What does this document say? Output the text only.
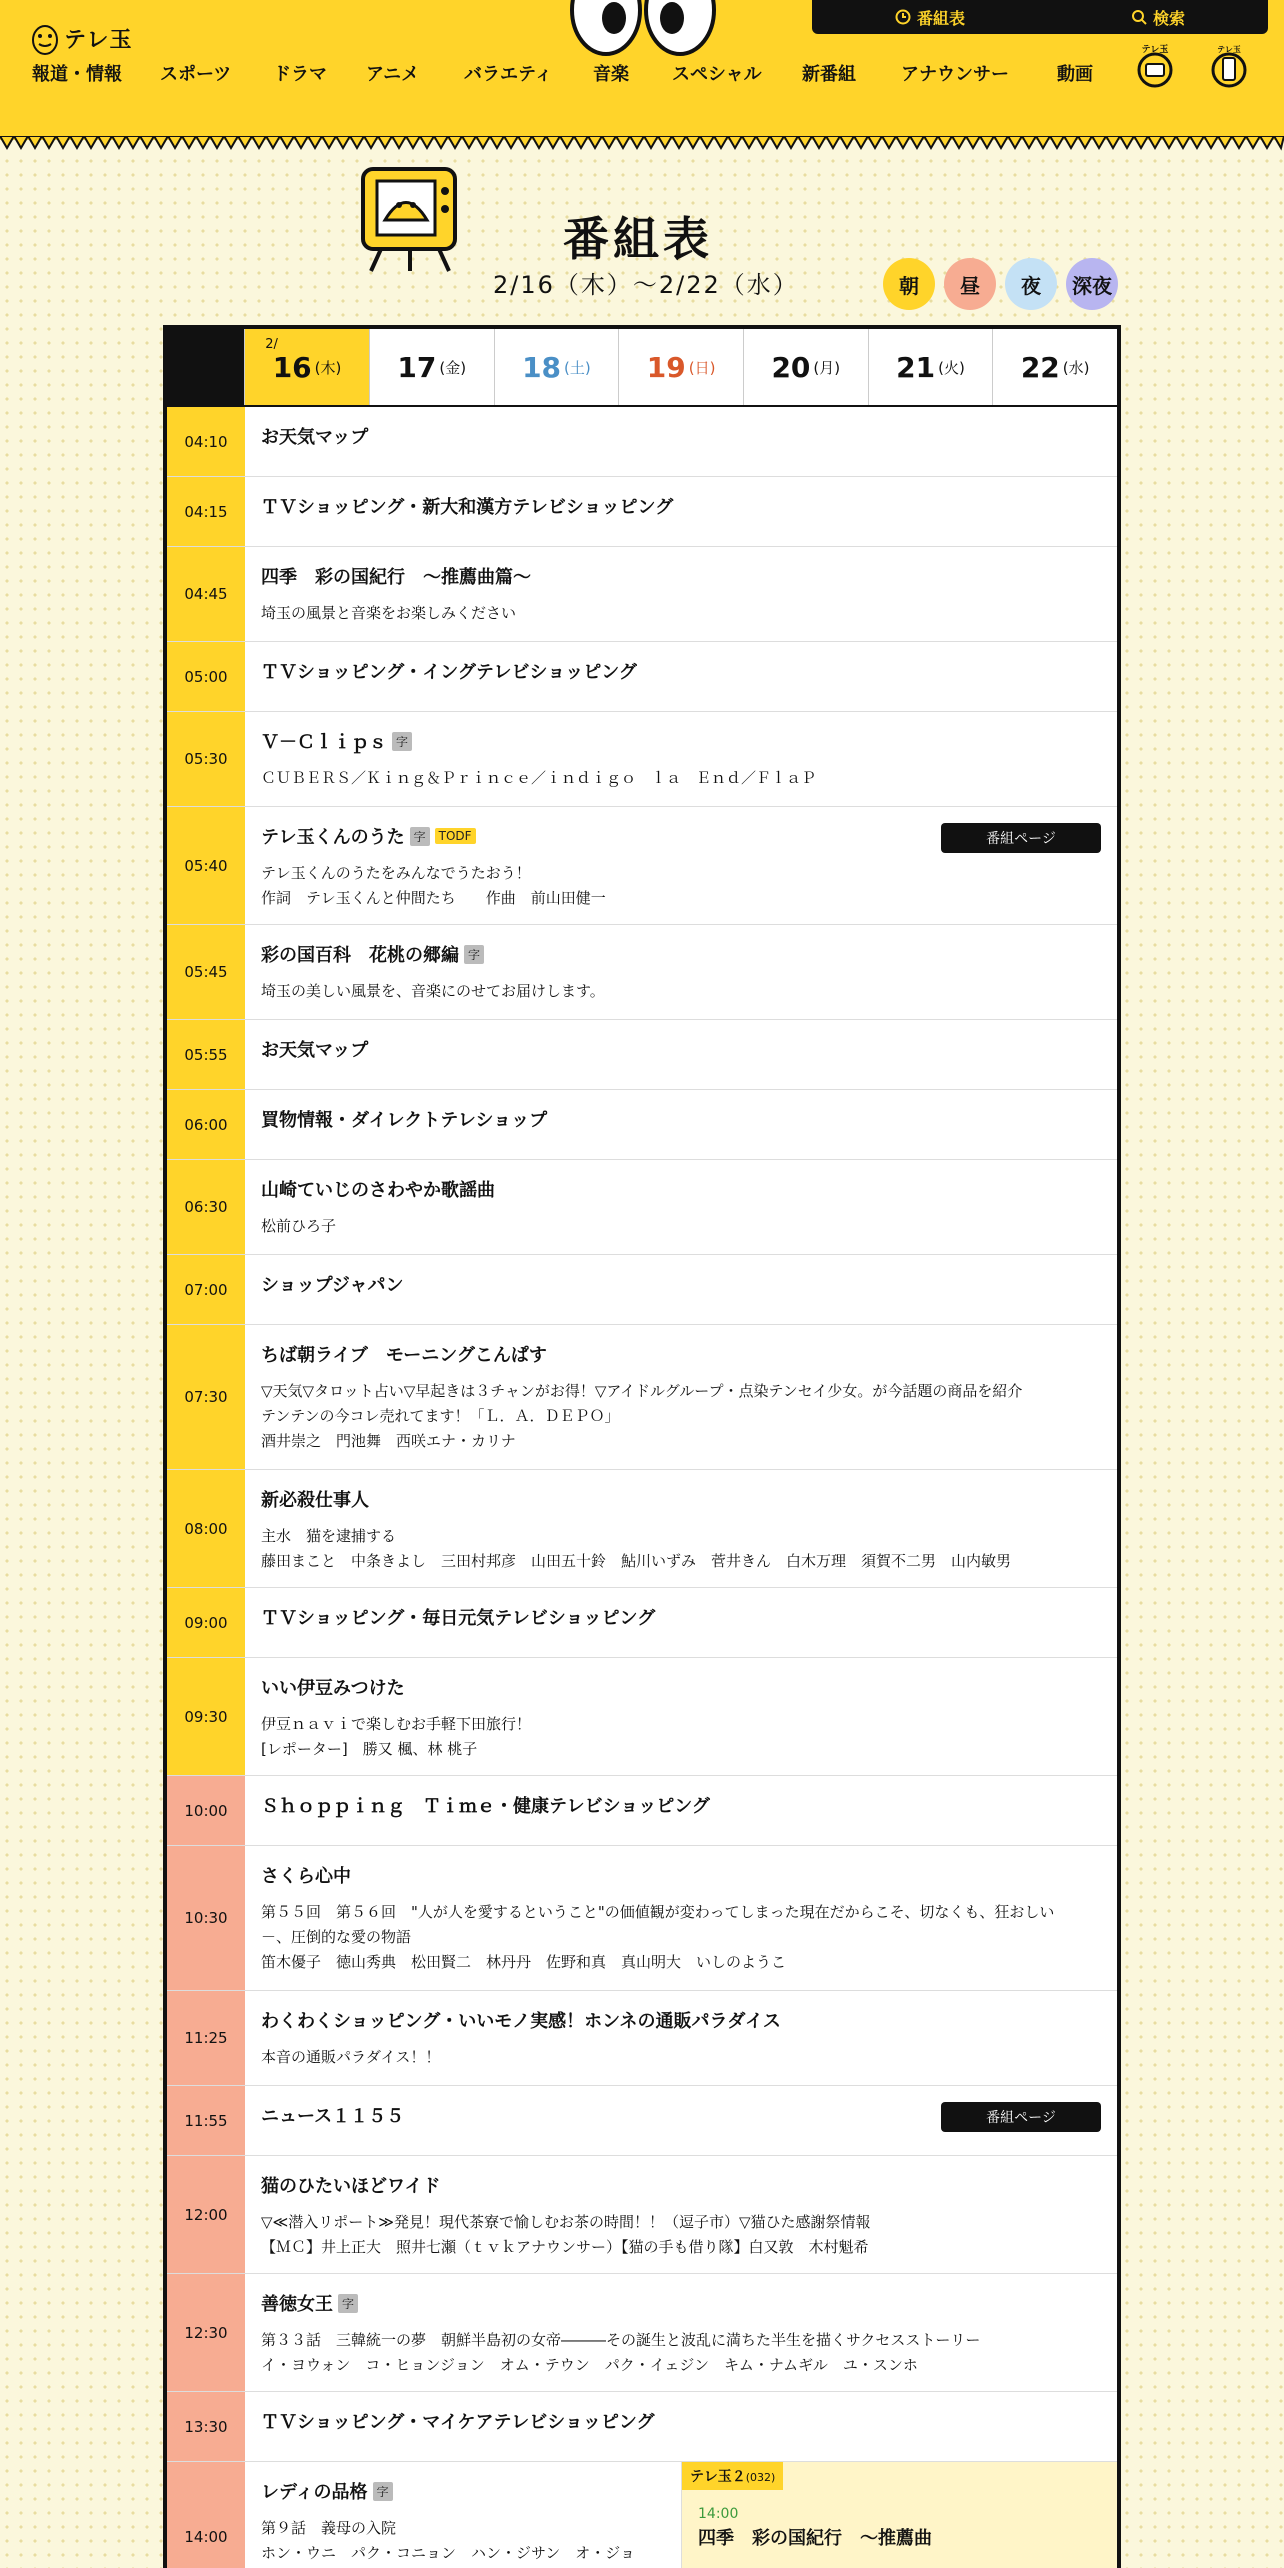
テレ玉
番組表	検索
報道・情報 スポーツ ドラマ アニメ バラエティ 音楽 スペシャル 新番組	アナウンサー	動画
テレ玉	テレ玉
番組表
2/16（木）〜2/22（水）	朝	昼	夜	深夜
2/
16 (木) 17 (金) 18 (土) 19 (日) 20 (月) 21 (火) 22 (水)
04:10	お天気マップ
04:15	ＴＶショッピング・新大和漢方テレビショッピング
04:45
四季　彩の国紀行　～推薦曲篇～
埼玉の風景と音楽をお楽しみください
05:00	ＴＶショッピング・イングテレビショッピング
05:30
Ｖ－Ｃｌｉｐｓ 字
ＣＵＢＥＲＳ／Ｋｉｎｇ＆Ｐｒｉｎｃｅ／ｉｎｄｉｇｏ　ｌａ　Ｅｎｄ／ＦｌａＰ
05:40
テレ玉くんのうた 字	TODF
テレ玉くんのうたをみんなでうたおう！
作詞　テレ玉くんと仲間たち　　作曲　前山田健一
番組ページ
05:45
彩の国百科　花桃の郷編 字
埼玉の美しい風景を、音楽にのせてお届けします。
05:55	お天気マップ
06:00	買物情報・ダイレクトテレショップ
06:30
山崎ていじのさわやか歌謡曲
松前ひろ子
07:00	ショップジャパン
07:30
ちば朝ライブ　モーニングこんぱす
▽天気▽タロット占い▽早起きは３チャンがお得！▽アイドルグループ・点染テンセイ少女。が今話題の商品を紹介
テンテンの今コレ売れてます！「Ｌ．Ａ．ＤＥＰＯ」
酒井崇之　門池舞　西咲エナ・カリナ
08:00
新必殺仕事人
主水　猫を逮捕する
藤田まこと　中条きよし　三田村邦彦　山田五十鈴　鮎川いずみ　菅井きん　白木万理　須賀不二男　山内敏男
09:00	ＴＶショッピング・毎日元気テレビショッピング
09:30
いい伊豆みつけた
伊豆ｎａｖｉで楽しむお手軽下田旅行！
[レポーター]　勝又 楓、林 桃子
10:00	Ｓｈｏｐｐｉｎｇ　Ｔｉｍｅ・健康テレビショッピング
10:30
さくら心中
第５５回　第５６回　"人が人を愛するということ"の価値観が変わってしまった現在だからこそ、切なくも、狂おしい
－、圧倒的な愛の物語
笛木優子　徳山秀典　松田賢二　林丹丹　佐野和真　真山明大　いしのようこ
11:25
わくわくショッピング・いいモノ実感！ホンネの通販パラダイス
本音の通販パラダイス！！
11:55	ニュース１１５５	番組ページ
12:00
猫のひたいほどワイド
▽≪潜入リポート≫発見！現代茶寮で愉しむお茶の時間！！（逗子市）▽猫ひた感謝祭情報
【ＭＣ】井上正大　照井七瀬（ｔｖｋアナウンサー）【猫の手も借り隊】白又敦　木村魁希
12:30
善徳女王 字
第３３話　三韓統一の夢　朝鮮半島初の女帝―――その誕生と波乱に満ちた半生を描くサクセスストーリー
イ・ヨウォン　コ・ヒョンジョン　オム・テウン　パク・イェジン　キム・ナムギル　ユ・スンホ
13:30	ＴＶショッピング・マイケアテレビショッピング
14:00
レディの品格 字
第９話　義母の入院
ホン・ウニ　パク・コニョン　ハン・ジサン　オ・ジョ
テレ玉２(032)
14:00
四季　彩の国紀行　～推薦曲
